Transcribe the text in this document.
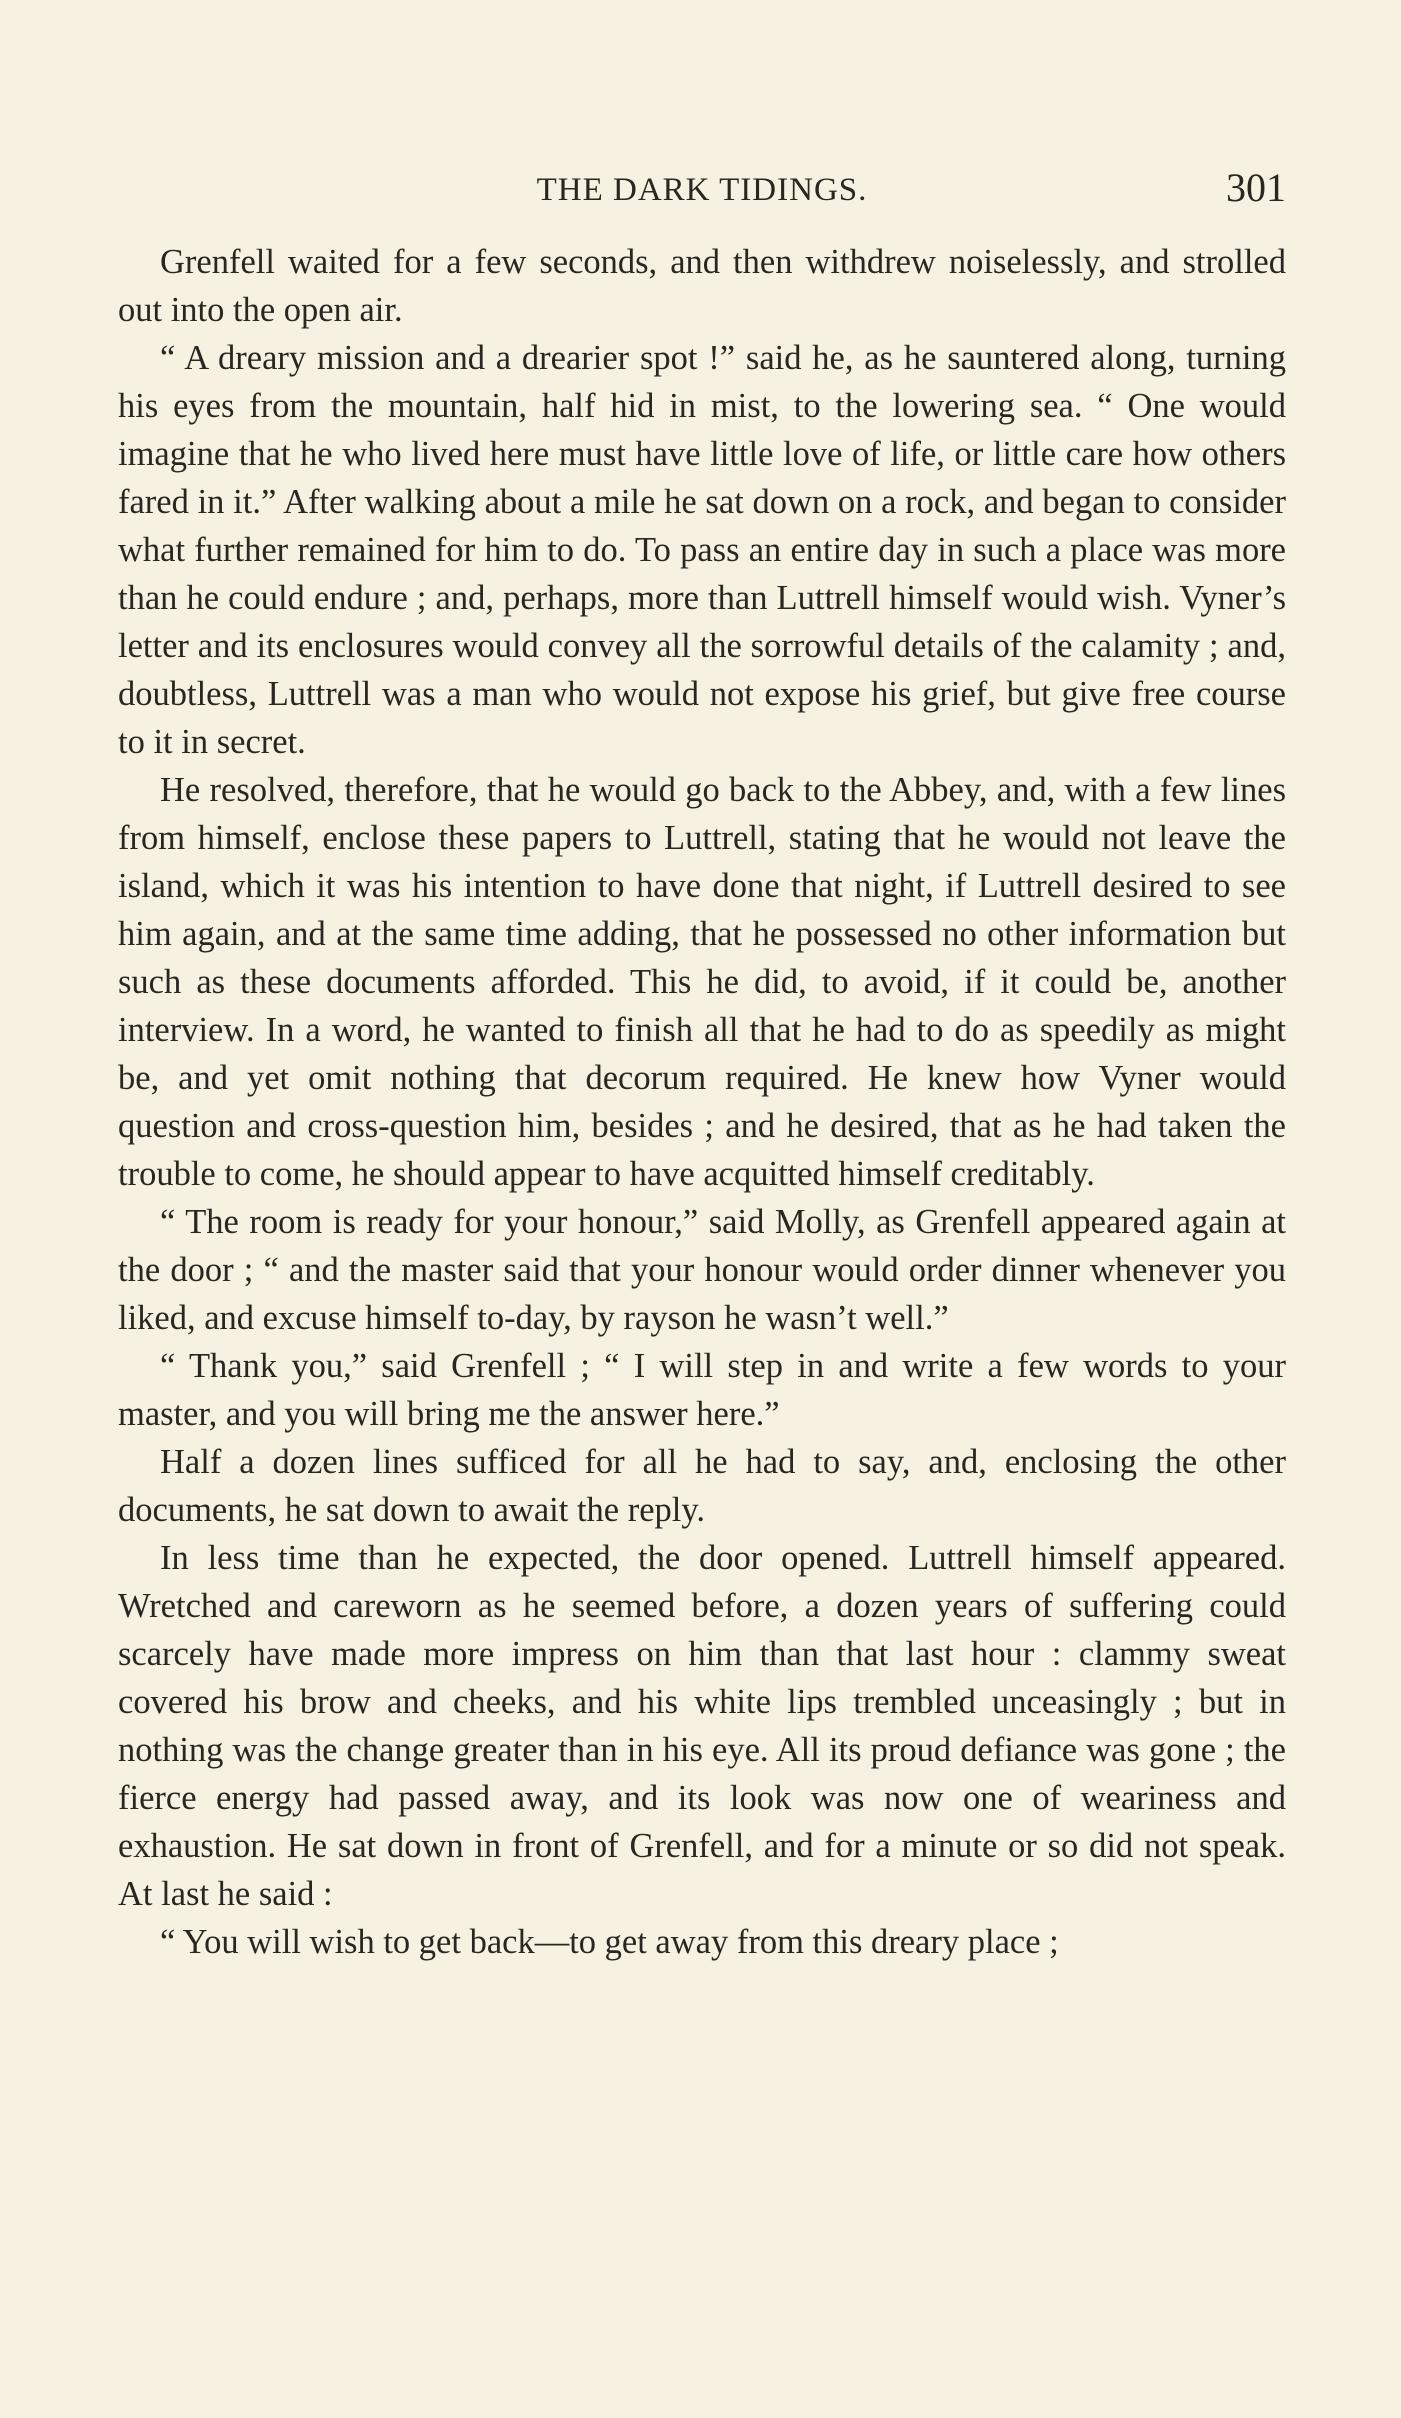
THE DARK TIDINGS.	301

Grenfell waited for a few seconds, and then withdrew noiselessly, and strolled out into the open air.

“ A dreary mission and a drearier spot !” said he, as he sauntered along, turning his eyes from the mountain, half hid in mist, to the lowering sea. “ One would imagine that he who lived here must have little love of life, or little care how others fared in it.” After walking about a mile he sat down on a rock, and began to consider what further remained for him to do. To pass an entire day in such a place was more than he could endure ; and, perhaps, more than Luttrell himself would wish. Vyner’s letter and its enclosures would convey all the sorrowful details of the calamity ; and, doubtless, Luttrell was a man who would not expose his grief, but give free course to it in secret.

He resolved, therefore, that he would go back to the Abbey, and, with a few lines from himself, enclose these papers to Luttrell, stating that he would not leave the island, which it was his intention to have done that night, if Luttrell desired to see him again, and at the same time adding, that he possessed no other information but such as these documents afforded. This he did, to avoid, if it could be, another interview. In a word, he wanted to finish all that he had to do as speedily as might be, and yet omit nothing that decorum required. He knew how Vyner would question and cross-question him, besides ; and he desired, that as he had taken the trouble to come, he should appear to have acquitted himself creditably.

“ The room is ready for your honour,” said Molly, as Grenfell appeared again at the door ; “ and the master said that your honour would order dinner whenever you liked, and excuse himself to-day, by rayson he wasn’t well.”

“ Thank you,” said Grenfell ; “ I will step in and write a few words to your master, and you will bring me the answer here.”

Half a dozen lines sufficed for all he had to say, and, enclosing the other documents, he sat down to await the reply.

In less time than he expected, the door opened. Luttrell himself appeared. Wretched and careworn as he seemed before, a dozen years of suffering could scarcely have made more impress on him than that last hour : clammy sweat covered his brow and cheeks, and his white lips trembled unceasingly ; but in nothing was the change greater than in his eye. All its proud defiance was gone ; the fierce energy had passed away, and its look was now one of weariness and exhaustion. He sat down in front of Grenfell, and for a minute or so did not speak. At last he said :

“ You will wish to get back—to get away from this dreary place ;
